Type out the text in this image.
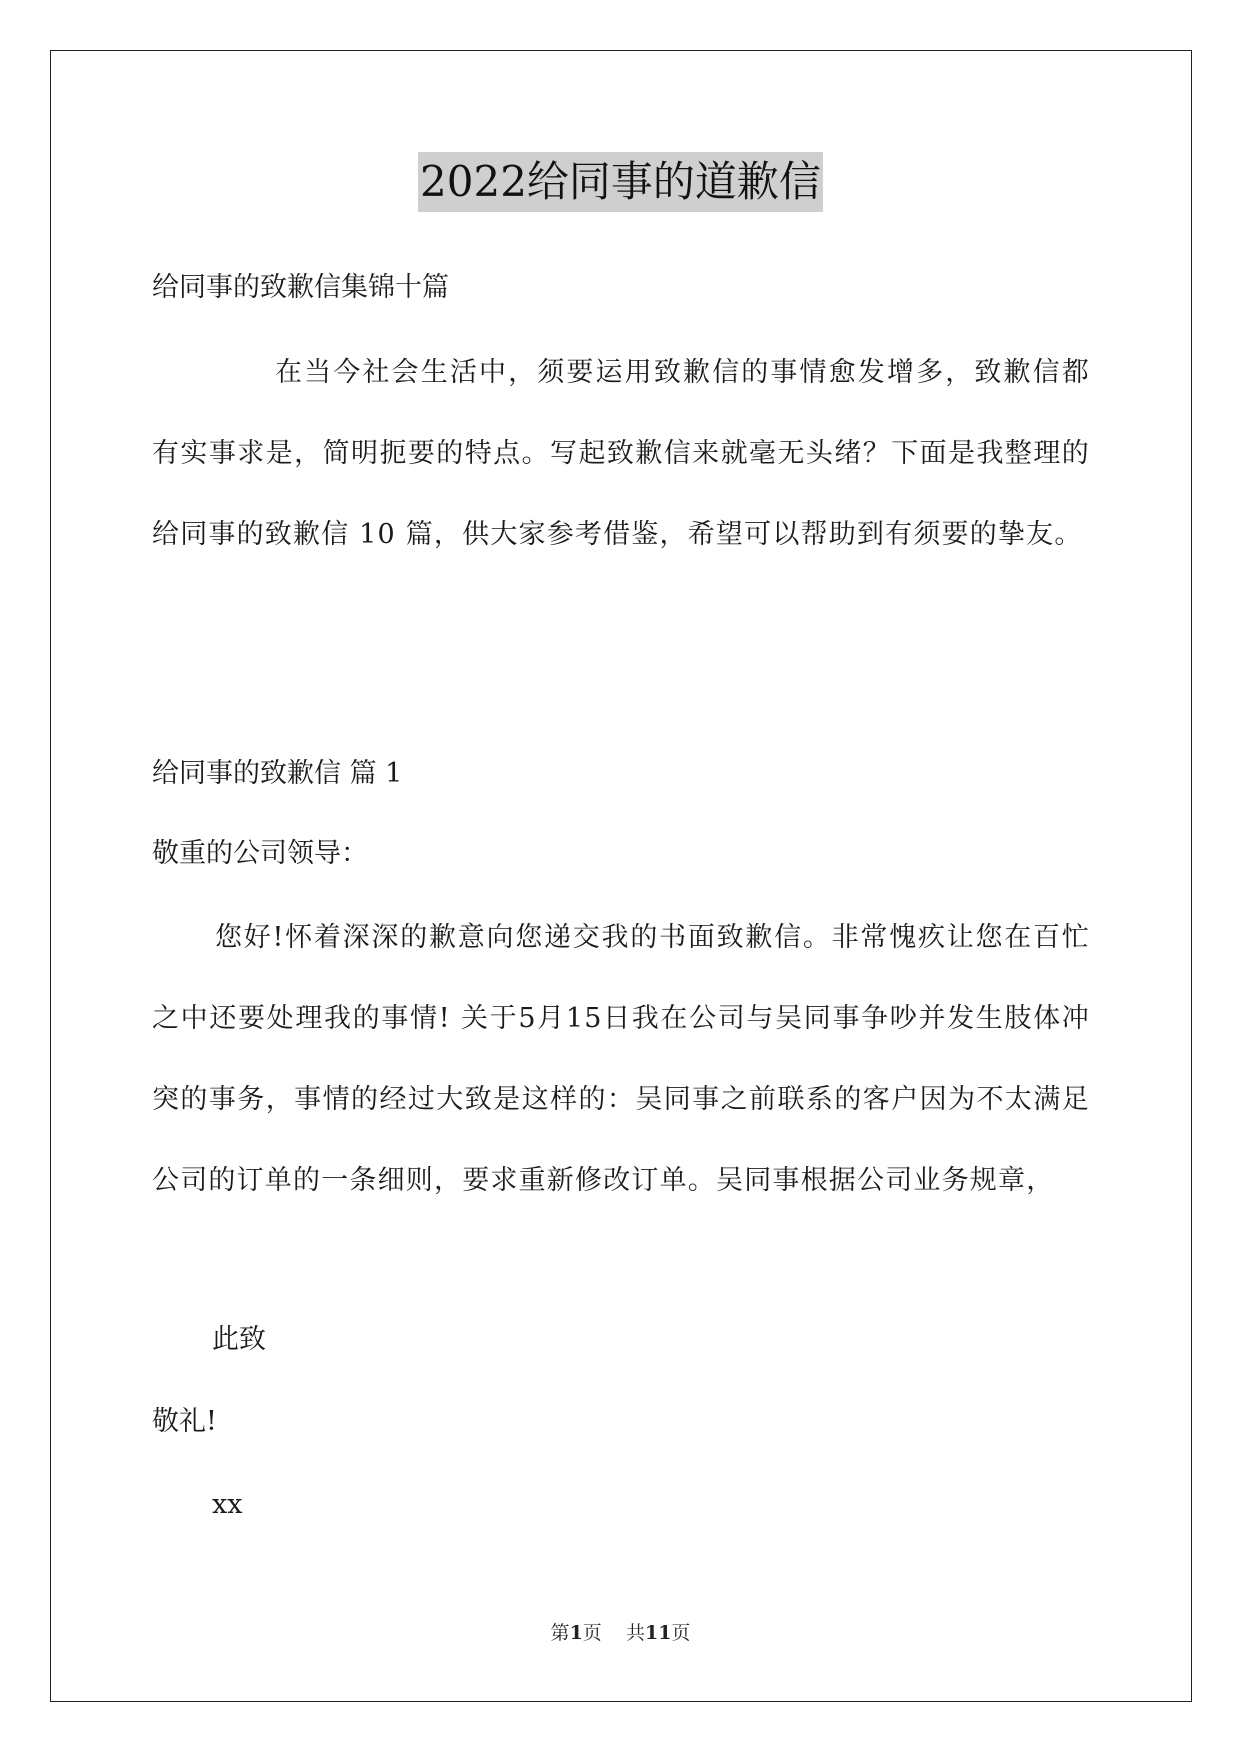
2022给同事的道歉信
给同事的致歉信集锦十篇

在当今社会生活中，须要运用致歉信的事情愈发增多，致歉信都有实事求是，简明扼要的特点。写起致歉信来就毫无头绪？下面是我整理的给同事的致歉信 10 篇，供大家参考借鉴，希望可以帮助到有须要的挚友。

给同事的致歉信 篇 1
敬重的公司领导：

您好!怀着深深的歉意向您递交我的书面致歉信。非常愧疚让您在百忙之中还要处理我的事情! 关于5月15日我在公司与吴同事争吵并发生肢体冲突的事务，事情的经过大致是这样的：吴同事之前联系的客户因为不太满足公司的订单的一条细则，要求重新修改订单。吴同事根据公司业务规章，

此致
敬礼!
xx
第1页    共11页
